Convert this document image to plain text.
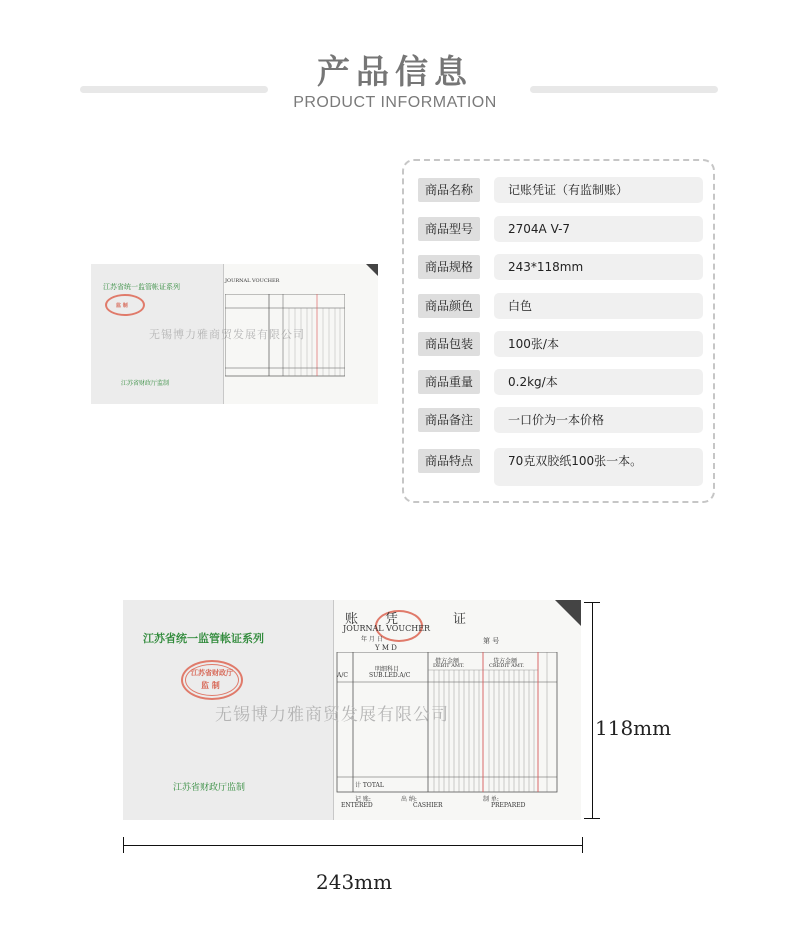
产品信息
PRODUCT INFORMATION
江苏省统一监管帐证系列
监 制
无锡博力雅商贸发展有限公司
江苏省财政厅监制
JOURNAL VOUCHER
商品名称	记账凭证（有监制账）
商品型号	2704A V-7
商品规格	243*118mm
商品颜色	白色
商品包装	100张/本
商品重量	0.2kg/本
商品备注	一口价为一本价格
商品特点	70克双胶纸100张一本。
江苏省统一监管帐证系列
江苏省财政厅
监 制
江苏省财政厅监制
账 凭	证
JOURNAL VOUCHER
年 月 日
Y M D
第 号
A/C
明细科目
SUB.LED.A/C
借方金额
DEBIT AMT.
贷方金额
CREDIT AMT.
计 TOTAL
记 账:
ENTERED
出 纳:
CASHIER
制 单:
PREPARED
无锡博力雅商贸发展有限公司
243mm
118mm
